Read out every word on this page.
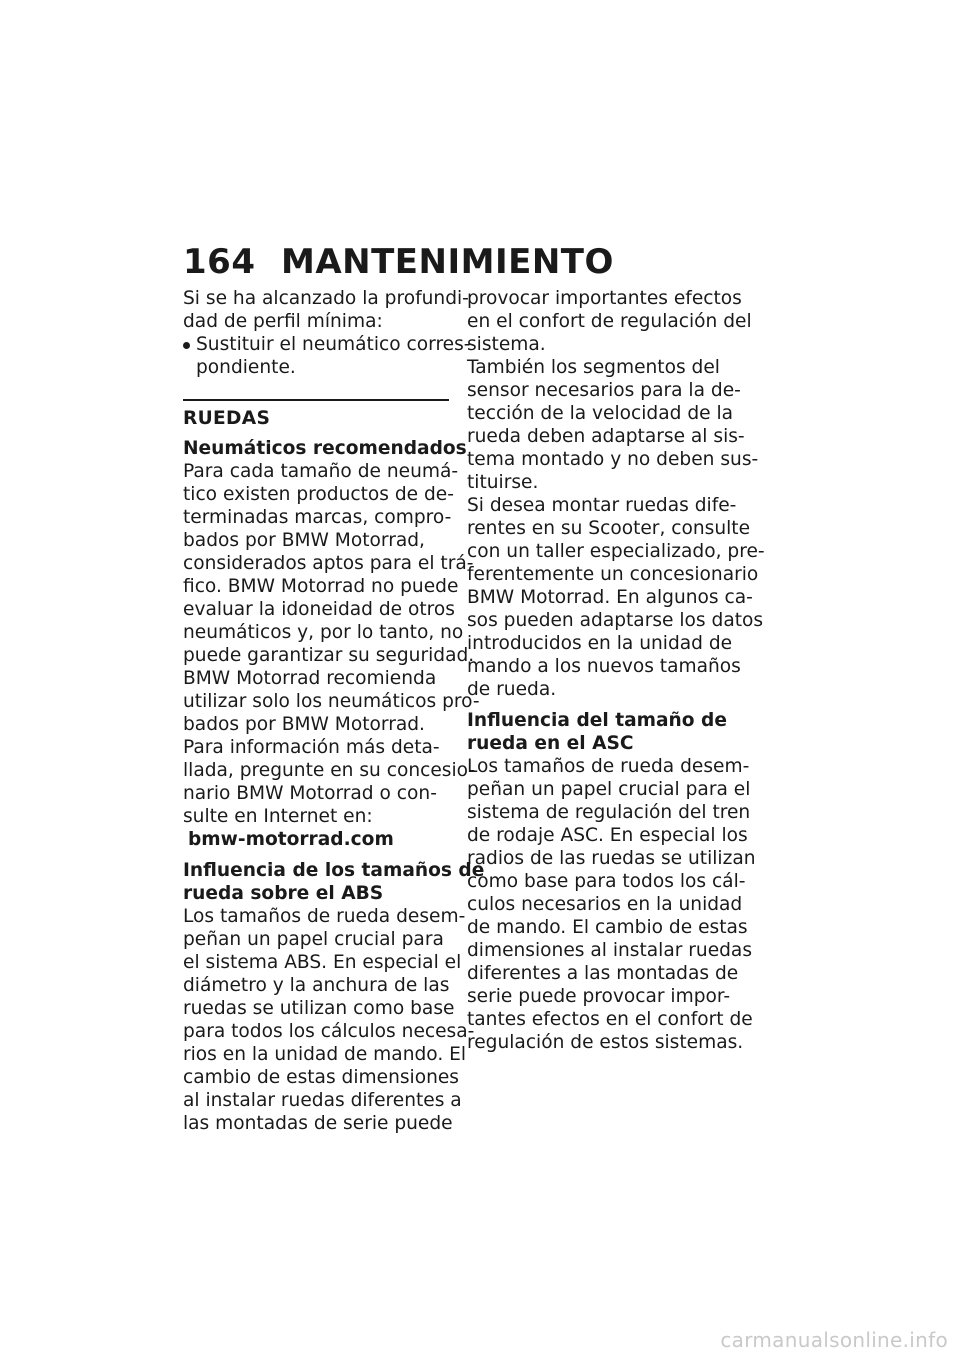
164 MANTENIMIENTO

Si se ha alcanzado la profundi-

dad de perfil mínima:

Sustituir el neumático corres-
pondiente.
RUEDAS
Neumáticos recomendados

Para cada tamaño de neumá-

tico existen productos de de-

terminadas marcas, compro-

bados por BMW Motorrad,

considerados aptos para el trá-

fico. BMW Motorrad no puede

evaluar la idoneidad de otros

neumáticos y, por lo tanto, no

puede garantizar su seguridad.

BMW Motorrad recomienda

utilizar solo los neumáticos pro-

bados por BMW Motorrad.

Para información más deta-

llada, pregunte en su concesio-

nario BMW Motorrad o con-

sulte en Internet en:

bmw-motorrad.com
Influencia de los tamaños de
rueda sobre el ABS

Los tamaños de rueda desem-

peñan un papel crucial para

el sistema ABS. En especial el

diámetro y la anchura de las

ruedas se utilizan como base

para todos los cálculos necesa-

rios en la unidad de mando. El

cambio de estas dimensiones

al instalar ruedas diferentes a

las montadas de serie puede

provocar importantes efectos

en el confort de regulación del

sistema.

También los segmentos del

sensor necesarios para la de-

tección de la velocidad de la

rueda deben adaptarse al sis-

tema montado y no deben sus-

tituirse.

Si desea montar ruedas dife-

rentes en su Scooter, consulte

con un taller especializado, pre-

ferentemente un concesionario

BMW Motorrad. En algunos ca-

sos pueden adaptarse los datos

introducidos en la unidad de

mando a los nuevos tamaños

de rueda.

Influencia del tamaño de
rueda en el ASC

Los tamaños de rueda desem-

peñan un papel crucial para el

sistema de regulación del tren

de rodaje ASC. En especial los

radios de las ruedas se utilizan

como base para todos los cál-

culos necesarios en la unidad

de mando. El cambio de estas

dimensiones al instalar ruedas

diferentes a las montadas de

serie puede provocar impor-

tantes efectos en el confort de

regulación de estos sistemas.

carmanualsonline.info
